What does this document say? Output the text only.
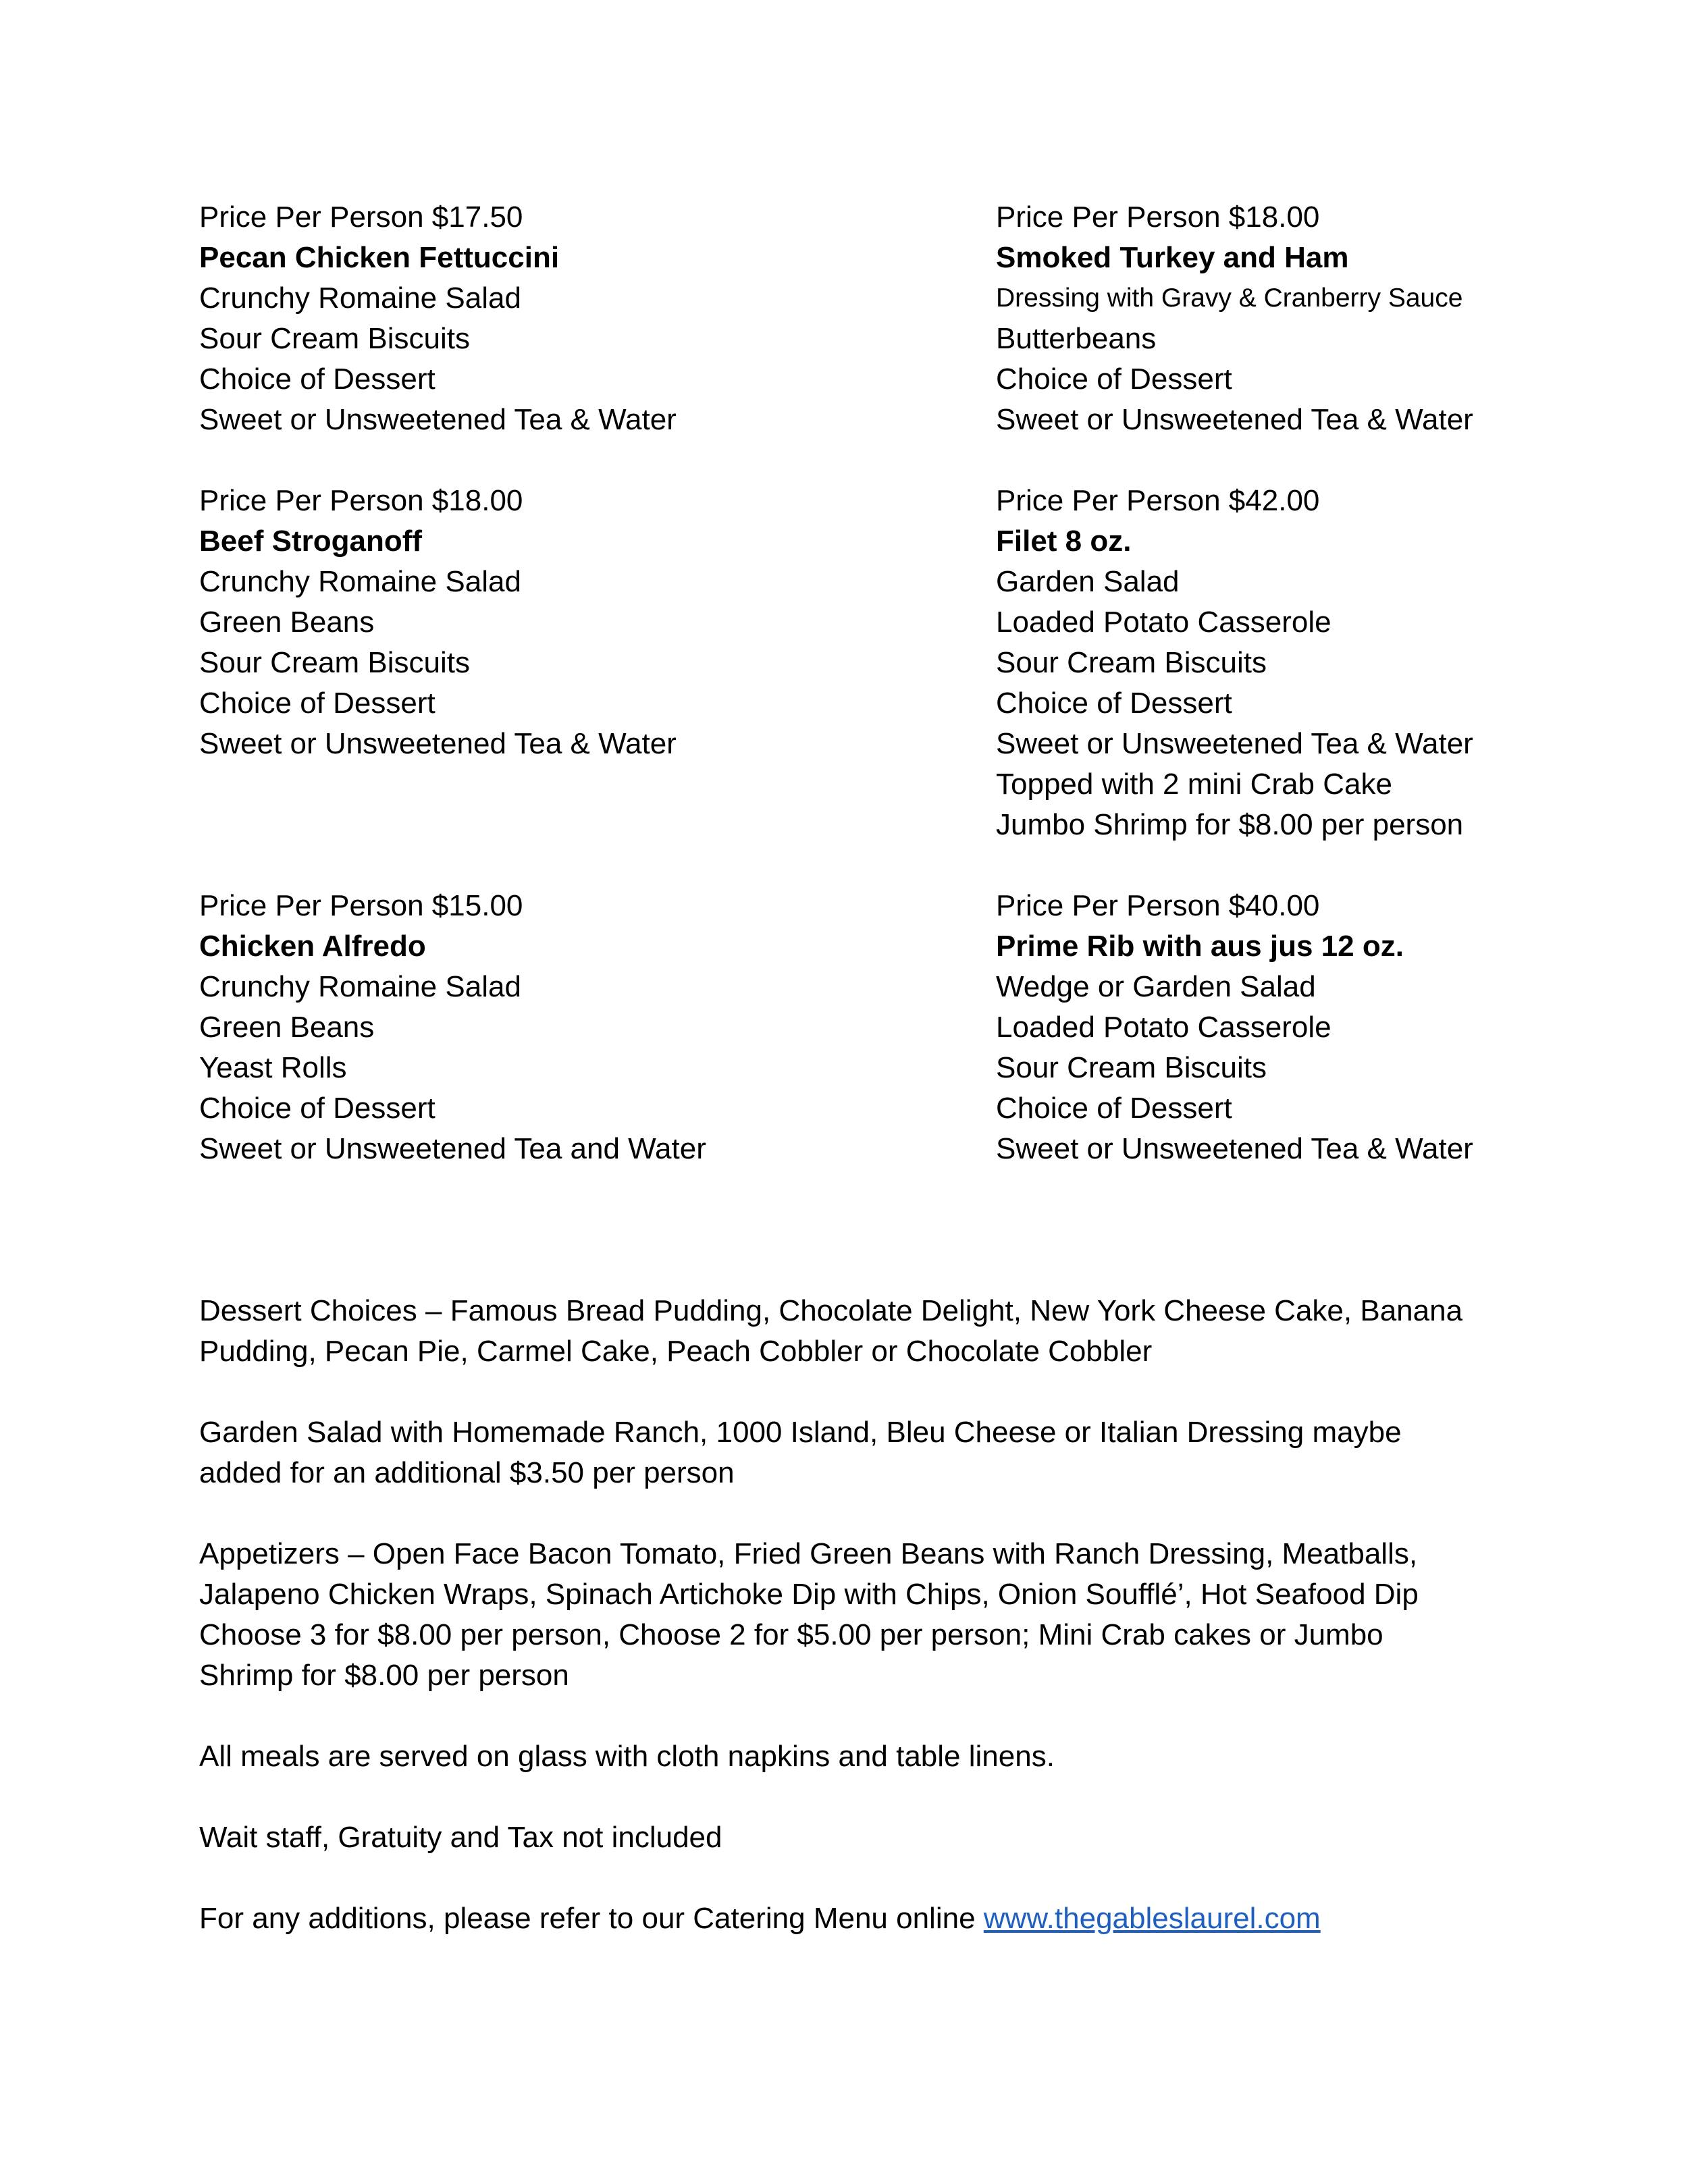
Price Per Person $17.50
Pecan Chicken Fettuccini
Crunchy Romaine Salad
Sour Cream Biscuits
Choice of Dessert
Sweet or Unsweetened Tea & Water
Price Per Person $18.00
Smoked Turkey and Ham
Dressing with Gravy & Cranberry Sauce
Butterbeans
Choice of Dessert
Sweet or Unsweetened Tea & Water
Price Per Person $18.00
Beef Stroganoff
Crunchy Romaine Salad
Green Beans
Sour Cream Biscuits
Choice of Dessert
Sweet or Unsweetened Tea & Water
Price Per Person $42.00
Filet 8 oz.
Garden Salad
Loaded Potato Casserole
Sour Cream Biscuits
Choice of Dessert
Sweet or Unsweetened Tea & Water
Topped with 2 mini Crab Cake
Jumbo Shrimp for $8.00 per person
Price Per Person $15.00
Chicken Alfredo
Crunchy Romaine Salad
Green Beans
Yeast Rolls
Choice of Dessert
Sweet or Unsweetened Tea and Water
Price Per Person $40.00
Prime Rib with aus jus 12 oz.
Wedge or Garden Salad
Loaded Potato Casserole
Sour Cream Biscuits
Choice of Dessert
Sweet or Unsweetened Tea & Water

Dessert Choices – Famous Bread Pudding, Chocolate Delight, New York Cheese Cake, Banana Pudding, Pecan Pie, Carmel Cake, Peach Cobbler or Chocolate Cobbler

Garden Salad with Homemade Ranch, 1000 Island, Bleu Cheese or Italian Dressing maybe added for an additional $3.50 per person

Appetizers – Open Face Bacon Tomato, Fried Green Beans with Ranch Dressing, Meatballs, Jalapeno Chicken Wraps, Spinach Artichoke Dip with Chips, Onion Soufflé’, Hot Seafood Dip
Choose 3 for $8.00 per person, Choose 2 for $5.00 per person; Mini Crab cakes or Jumbo Shrimp for $8.00 per person

All meals are served on glass with cloth napkins and table linens.

Wait staff, Gratuity and Tax not included

For any additions, please refer to our Catering Menu online www.thegableslaurel.com
